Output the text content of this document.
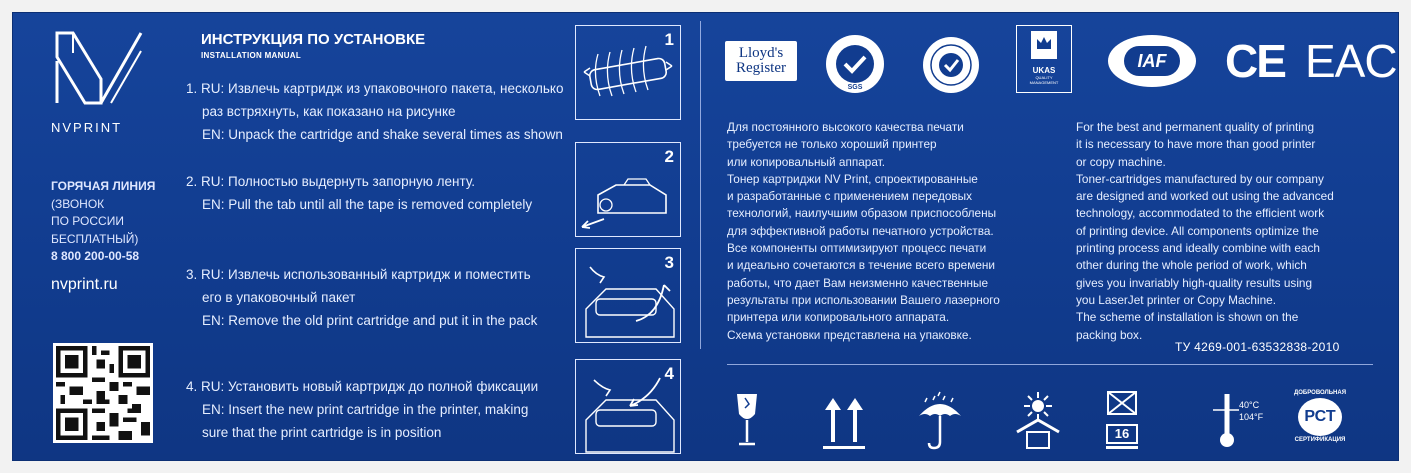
NVPRINT
ГОРЯЧАЯ ЛИНИЯ
(ЗВОНОК
ПО РОССИИ
БЕСПЛАТНЫЙ)
8 800 200-00-58
nvprint.ru
ИНСТРУКЦИЯ ПО УСТАНОВКЕ
INSTALLATION MANUAL
1. RU: Извлечь картридж из упаковочного пакета, несколько
раз встряхнуть, как показано на рисунке
EN: Unpack the cartridge and shake several times as shown
2. RU: Полностью выдернуть запорную ленту.
EN: Pull the tab until all the tape is removed completely
3. RU: Извлечь использованный картридж и поместить
его в упаковочный пакет
EN: Remove the old print cartridge and put it in the pack
4. RU: Установить новый картридж до полной фиксации
EN: Insert the new print cartridge in the printer, making
sure that the print cartridge is in position
1
2
3
4
Lloyd's
Register
SGS
UKAS
QUALITY
MANAGEMENT
IAF CE EAC
Для постоянного высокого качества печати
требуется не только хороший принтер
или копировальный аппарат.
Тонер картриджи NV Print, спроектированные
и разработанные с применением передовых
технологий, наилучшим образом приспособлены
для эффективной работы печатного устройства.
Все компоненты оптимизируют процесс печати
и идеально сочетаются в течение всего времени
работы, что дает Вам неизменно качественные
результаты при использовании Вашего лазерного
принтера или копировального аппарата.
Схема установки представлена на упаковке.
For the best and permanent quality of printing
it is necessary to have more than good printer
or copy machine.
Toner-cartridges manufactured by our company
are designed and worked out using the advanced
technology, accommodated to the efficient work
of printing device. All components optimize the
printing process and ideally combine with each
other during the whole period of work, which
gives you invariably high-quality results using
you LaserJet printer or Copy Machine.
The scheme of installation is shown on the
packing box.
ТУ 4269-001-63532838-2010
16
40°C
104°F
ДОБРОВОЛЬНАЯ
РСТ
СЕРТИФИКАЦИЯ
